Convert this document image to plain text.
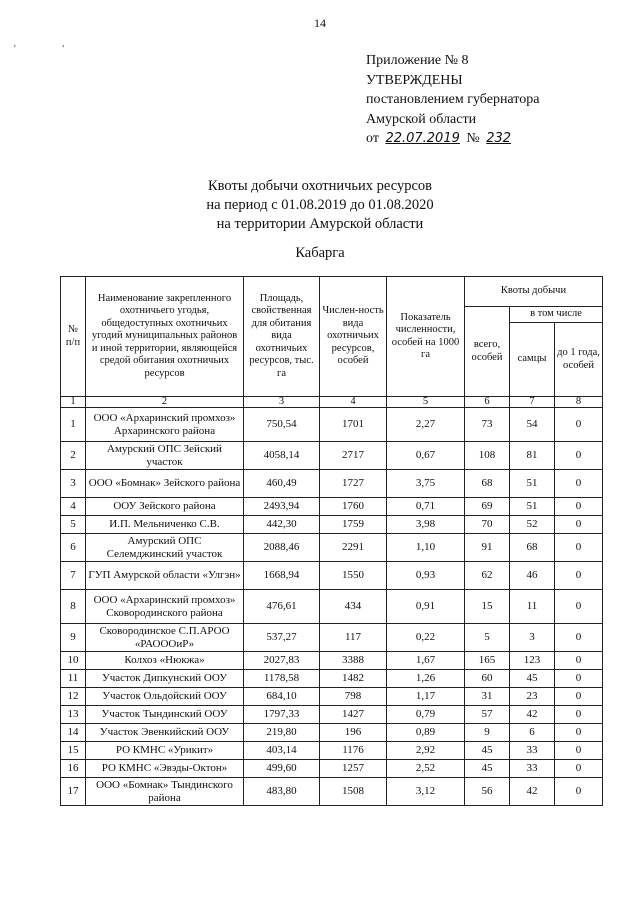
14
' '
Приложение № 8
УТВЕРЖДЕНЫ
постановлением губернатора
Амурской области
от 22.07.2019 № 232
Квоты добычи охотничьих ресурсов
на период с 01.08.2019 до 01.08.2020
на территории Амурской области
Кабарга
№ п/п	Наименование закрепленного охотничьего угодья, общедоступных охотничьих угодий муниципальных районов и иной территории, являющейся средой обитания охотничьих ресурсов	Площадь, свойственная для обитания вида охотничьих ресурсов, тыс. га	Числен-ность вида охотничьих ресурсов, особей	Показатель численности, особей на 1000 га	Квоты добычи		
					всего, особей	в том числе	
						самцы	до 1 года, особей
1	2	3	4	5	6	7	8
1	ООО «Архаринский промхоз» Архаринского района	750,54	1701	2,27	73	54	0
2	Амурский ОПС Зейский участок	4058,14	2717	0,67	108	81	0
3	ООО «Бомнак» Зейского района	460,49	1727	3,75	68	51	0
4	ООУ Зейского района	2493,94	1760	0,71	69	51	0
5	И.П. Мельниченко С.В.	442,30	1759	3,98	70	52	0
6	Амурский ОПС Селемджинский участок	2088,46	2291	1,10	91	68	0
7	ГУП Амурской области «Улгэн»	1668,94	1550	0,93	62	46	0
8	ООО «Архаринский промхоз» Сковородинского района	476,61	434	0,91	15	11	0
9	Сковородинское С.П.АРОО «РАОООиР»	537,27	117	0,22	5	3	0
10	Колхоз «Нюкжа»	2027,83	3388	1,67	165	123	0
11	Участок Дипкунский ООУ	1178,58	1482	1,26	60	45	0
12	Участок Ольдойский ООУ	684,10	798	1,17	31	23	0
13	Участок Тындинский ООУ	1797,33	1427	0,79	57	42	0
14	Участок Эвенкийский ООУ	219,80	196	0,89	9	6	0
15	РО КМНС «Урикит»	403,14	1176	2,92	45	33	0
16	РО КМНС «Эвэды-Октон»	499,60	1257	2,52	45	33	0
17	ООО «Бомнак» Тындинского района	483,80	1508	3,12	56	42	0
